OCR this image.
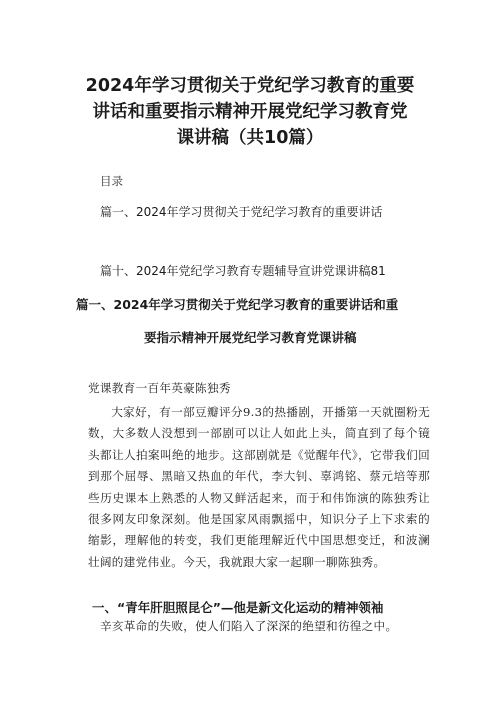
2024年学习贯彻关于党纪学习教育的重要
讲话和重要指示精神开展党纪学习教育党
课讲稿（共10篇）
目录
篇一、2024年学习贯彻关于党纪学习教育的重要讲话
篇十、2024年党纪学习教育专题辅导宣讲党课讲稿81
篇一、2024年学习贯彻关于党纪学习教育的重要讲话和重
要指示精神开展党纪学习教育党课讲稿
党课教育一百年英豪陈独秀

大家好，有一部豆瓣评分9.3的热播剧，开播第一天就圈粉无数，大多数人没想到一部剧可以让人如此上头，简直到了每个镜头都让人拍案叫绝的地步。这部剧就是《觉醒年代》，它带我们回到那个屈辱、黑暗又热血的年代，李大钊、辜鸿铭、蔡元培等那些历史课本上熟悉的人物又鲜活起来，而于和伟饰演的陈独秀让很多网友印象深刻。他是国家风雨飘摇中，知识分子上下求索的缩影，理解他的转变，我们更能理解近代中国思想变迁，和波澜壮阔的建党伟业。今天，我就跟大家一起聊一聊陈独秀。

一、“青年肝胆照昆仑”—他是新文化运动的精神领袖
辛亥革命的失败，使人们陷入了深深的绝望和彷徨之中。
